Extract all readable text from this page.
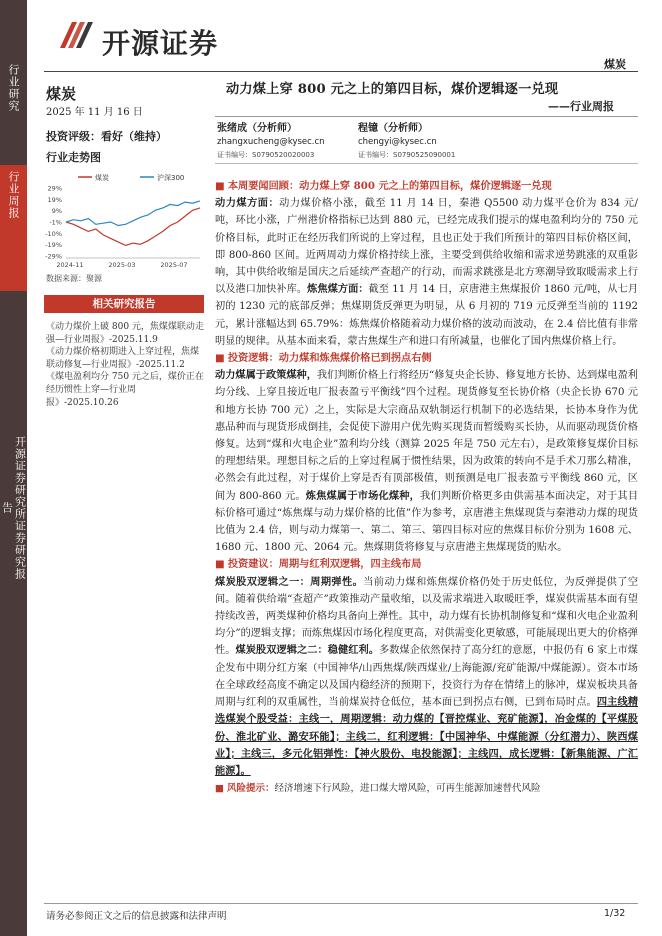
行业研究
行业周报
开源证券研究所证券研究报告
开源证券
煤炭
煤炭
2025 年 11 月 16 日
投资评级：看好（维持）
行业走势图
煤炭	沪深300
29%
19%
9%
-1%
-10%
-19%
-29%
2024-11	2025-03	2025-07
数据来源：聚源
相关研究报告
《动力煤价上破 800 元，焦煤煤联动走强—行业周报》-2025.11.9
《动力煤价格初期进入上穿过程，焦煤联动修复—行业周报》-2025.11.2
《煤电盈利均分 750 元之后，煤价正在经历惯性上穿—行业周报》-2025.10.26
动力煤上穿 800 元之上的第四目标，煤价逻辑逐一兑现
——行业周报
张绪成（分析师）
zhangxucheng@kysec.cn
证书编号：S0790520020003
程镱（分析师）
chengyi@kysec.cn
证书编号：S0790525090001

■ 本周要闻回顾：动力煤上穿 800 元之上的第四目标，煤价逻辑逐一兑现
动力煤方面：动力煤价格小涨，截至 11 月 14 日，秦港 Q5500 动力煤平仓价为 834 元/吨，环比小涨，广州港价格指标已达到 880 元，已经完成我们提示的煤电盈利均分的 750 元价格目标，此时正在经历我们所说的上穿过程，且也正处于我们所预计的第四目标价格区间，即 800-860 区间。近两周动力煤价格持续上涨，主要受到供给收缩和需求逆势跳涨的双重影响，其中供给收缩是国庆之后延续严查超产的行动，而需求跳涨是北方寒潮导致取暖需求上行以及港口加快补库。炼焦煤方面：截至 11 月 14 日，京唐港主焦煤报价 1860 元/吨，从七月初的 1230 元的底部反弹；焦煤期货反弹更为明显，从 6 月初的 719 元反弹至当前的 1192 元，累计涨幅达到 65.79%：炼焦煤价格随着动力煤价格的波动而波动，在 2.4 倍比值有非常明显的规律。从基本面来看，蒙古焦煤生产和进口有所减量，也催化了国内焦煤价格上行。

■ 投资逻辑：动力煤和炼焦煤价格已到拐点右侧
动力煤属于政策煤种，我们判断价格上行将经历“修复央企长协、修复地方长协、达到煤电盈利均分线、上穿且接近电厂报表盈亏平衡线”四个过程。现货修复至长协价格（央企长协 670 元和地方长协 700 元）之上，实际是大宗商品双轨制运行机制下的必选结果，长协本身作为优惠品种而与现货形成倒挂，会促使下游用户优先购买现货而暂缓购买长协，从而驱动现货价格修复。达到“煤和火电企业”盈利均分线（测算 2025 年是 750 元左右），是政策修复煤价目标的理想结果。理想目标之后的上穿过程属于惯性结果，因为政策的转向不是手术刀那么精准，必然会有此过程，对于煤价上穿是否有顶部极值，则预测是电厂报表盈亏平衡线 860 元，区间为 800-860 元。炼焦煤属于市场化煤种，我们判断价格更多由供需基本面决定，对于其目标价格可通过“炼焦煤与动力煤价格的比值”作为参考，京唐港主焦煤现货与秦港动力煤的现货比值为 2.4 倍，则与动力煤第一、第二、第三、第四目标对应的焦煤目标价分别为 1608 元、1680 元、1800 元、2064 元。焦煤期货将修复与京唐港主焦煤现货的贴水。

■ 投资建议：周期与红利双逻辑，四主线布局
煤炭股双逻辑之一：周期弹性。当前动力煤和炼焦煤价格仍处于历史低位，为反弹提供了空间。随着供给端“查超产”政策推动产量收缩，以及需求端进入取暖旺季，煤炭供需基本面有望持续改善，两类煤种价格均具备向上弹性。其中，动力煤有长协机制修复和“煤和火电企业盈利均分”的逻辑支撑；而炼焦煤因市场化程度更高，对供需变化更敏感，可能展现出更大的价格弹性。煤炭股双逻辑之二：稳健红利。多数煤企依然保持了高分红的意愿，中报仍有 6 家上市煤企发布中期分红方案（中国神华/山西焦煤/陕西煤业/上海能源/兖矿能源/中煤能源）。资本市场在全球政经高度不确定以及国内稳经济的预期下，投资行为存在情绪上的脉冲，煤炭板块具备周期与红利的双重属性，当前煤炭持仓低位，基本面已到拐点右侧，已到布局时点。四主线精选煤炭个股受益：主线一，周期逻辑：动力煤的【晋控煤业、兖矿能源】，冶金煤的【平煤股份、淮北矿业、潞安环能】；主线二，红利逻辑：【中国神华、中煤能源（分红潜力）、陕西煤业】；主线三，多元化铝弹性：【神火股份、电投能源】；主线四，成长逻辑：【新集能源、广汇能源】。

■ 风险提示：经济增速下行风险，进口煤大增风险，可再生能源加速替代风险

请务必参阅正文之后的信息披露和法律声明	1/32
